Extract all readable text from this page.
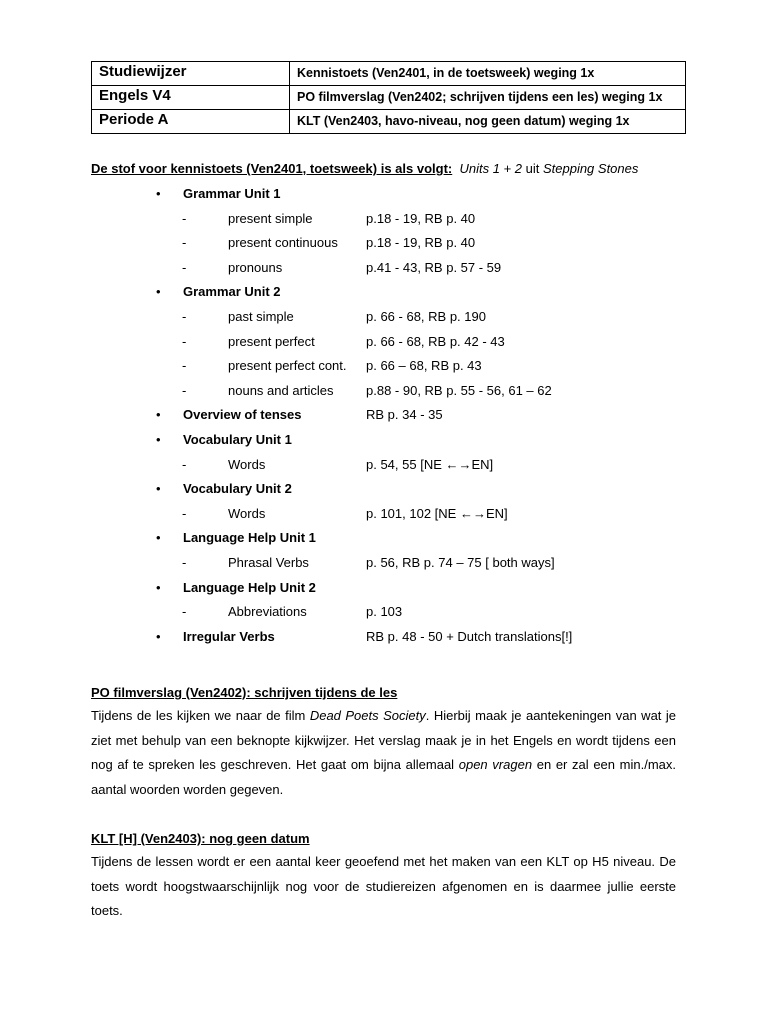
Studiewijzer	Kennistoets (Ven2401, in de toetsweek) weging 1x
Engels V4	PO filmverslag (Ven2402; schrijven tijdens een les) weging 1x
Periode A	KLT (Ven2403, havo-niveau, nog geen datum) weging 1x
De stof voor kennistoets (Ven2401, toetsweek) is als volgt: Units 1 + 2 uit Stepping Stones
• Grammar Unit 1
-	present simple	p.18 - 19, RB p. 40
-	present continuous p.18 - 19, RB p. 40
-	pronouns	p.41 - 43, RB p. 57 - 59
• Grammar Unit 2
-	past simple	p. 66 - 68, RB p. 190
-	present perfect	p. 66 - 68, RB p. 42 - 43
-	present perfect cont. p. 66 – 68, RB p. 43
-	nouns and articles p.88 - 90, RB p. 55 - 56, 61 – 62
• Overview of tenses	RB p. 34 - 35
• Vocabulary Unit 1
-	Words	p. 54, 55 [NE ←→EN]
• Vocabulary Unit 2
-	Words	p. 101, 102 [NE ←→EN]
• Language Help Unit 1
-	Phrasal Verbs	p. 56, RB p. 74 – 75 [ both ways]
• Language Help Unit 2
-	Abbreviations	p. 103
• Irregular Verbs	RB p. 48 - 50 + Dutch translations[!]
PO filmverslag (Ven2402): schrijven tijdens de les
Tijdens de les kijken we naar de film Dead Poets Society. Hierbij maak je aantekeningen van wat je
ziet met behulp van een beknopte kijkwijzer. Het verslag maak je in het Engels en wordt tijdens een
nog af te spreken les geschreven. Het gaat om bijna allemaal open vragen en er zal een min./max.
aantal woorden worden gegeven.
KLT [H] (Ven2403): nog geen datum
Tijdens de lessen wordt er een aantal keer geoefend met het maken van een KLT op H5 niveau. De
toets wordt hoogstwaarschijnlijk nog voor de studiereizen afgenomen en is daarmee jullie eerste
toets.
